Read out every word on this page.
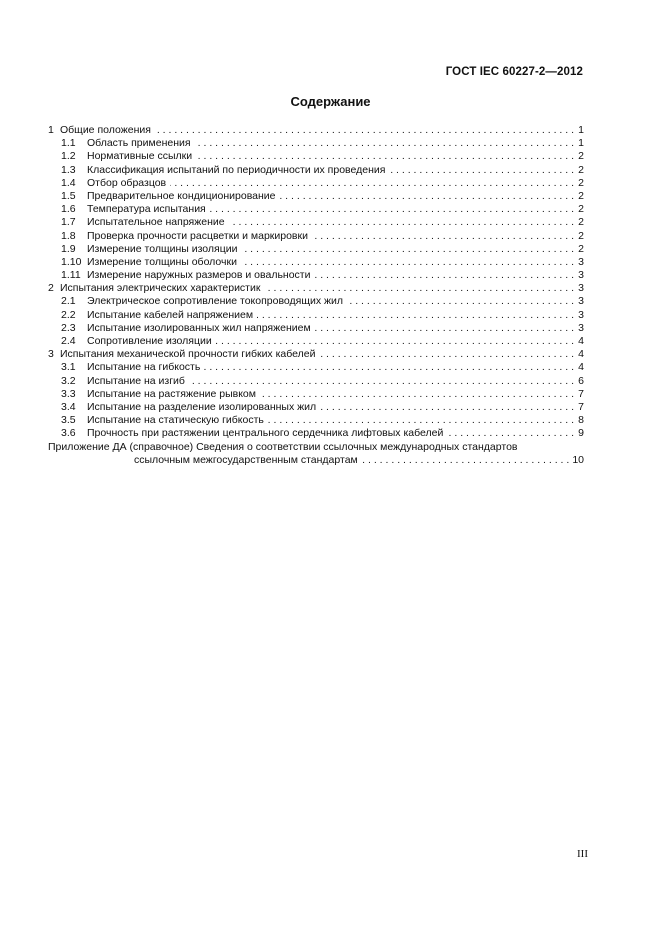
ГОСТ IEC 60227-2—2012
Содержание
1 Общие положения . . .	1
1.1	Область применения . . .	1
1.2	Нормативные ссылки . . .	2
1.3	Классификация испытаний по периодичности их проведения . . .	2
1.4	Отбор образцов . . .	2
1.5	Предварительное кондиционирование . . .	2
1.6	Температура испытания . . .	2
1.7	Испытательное напряжение . . .	2
1.8	Проверка прочности расцветки и маркировки . . .	2
1.9	Измерение толщины изоляции . . .	2
1.10 Измерение толщины оболочки . . .	3
1.11 Измерение наружных размеров и овальности . . .	3
2 Испытания электрических характеристик . . .	3
2.1	Электрическое сопротивление токопроводящих жил . . .	3
2.2	Испытание кабелей напряжением . . .	3
2.3	Испытание изолированных жил напряжением . . .	3
2.4	Сопротивление изоляции . . .	4
3 Испытания механической прочности гибких кабелей . . .	4
3.1	Испытание на гибкость . . .	4
3.2	Испытание на изгиб . . .	6
3.3	Испытание на растяжение рывком . . .	7
3.4	Испытание на разделение изолированных жил . . .	7
3.5	Испытание на статическую гибкость . . .	8
3.6	Прочность при растяжении центрального сердечника лифтовых кабелей . . .	9
Приложение ДА (справочное) Сведения о соответствии ссылочных международных стандартов
ссылочным межгосударственным стандартам . . .	10
III
